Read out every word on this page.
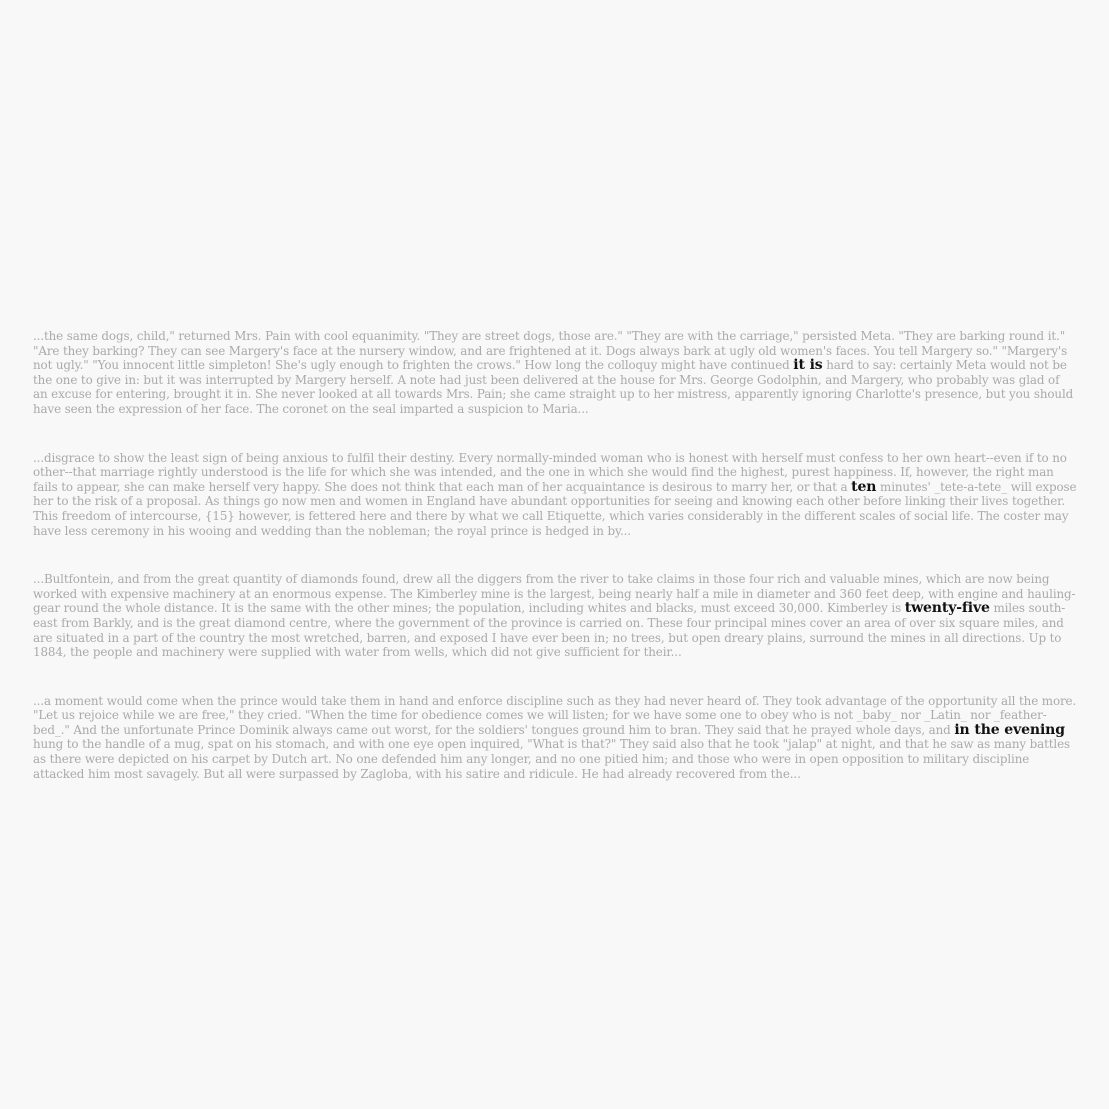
...the same dogs, child," returned Mrs. Pain with cool equanimity. "They are street dogs, those are." "They are with the carriage," persisted Meta. "They are barking round it." "Are they barking? They can see Margery's face at the nursery window, and are frightened at it. Dogs always bark at ugly old women's faces. You tell Margery so." "Margery's not ugly." "You innocent little simpleton! She's ugly enough to frighten the crows." How long the colloquy might have continued it is hard to say: certainly Meta would not be the one to give in: but it was interrupted by Margery herself. A note had just been delivered at the house for Mrs. George Godolphin, and Margery, who probably was glad of an excuse for entering, brought it in. She never looked at all towards Mrs. Pain; she came straight up to her mistress, apparently ignoring Charlotte's presence, but you should have seen the expression of her face. The coronet on the seal imparted a suspicion to Maria...

...disgrace to show the least sign of being anxious to fulfil their destiny. Every normally-minded woman who is honest with herself must confess to her own heart--even if to no other--that marriage rightly understood is the life for which she was intended, and the one in which she would find the highest, purest happiness. If, however, the right man fails to appear, she can make herself very happy. She does not think that each man of her acquaintance is desirous to marry her, or that a ten minutes' _tete-a-tete_ will expose her to the risk of a proposal. As things go now men and women in England have abundant opportunities for seeing and knowing each other before linking their lives together. This freedom of intercourse, {15} however, is fettered here and there by what we call Etiquette, which varies considerably in the different scales of social life. The coster may have less ceremony in his wooing and wedding than the nobleman; the royal prince is hedged in by...

...Bultfontein, and from the great quantity of diamonds found, drew all the diggers from the river to take claims in those four rich and valuable mines, which are now being worked with expensive machinery at an enormous expense. The Kimberley mine is the largest, being nearly half a mile in diameter and 360 feet deep, with engine and hauling-gear round the whole distance. It is the same with the other mines; the population, including whites and blacks, must exceed 30,000. Kimberley is twenty-five miles south-east from Barkly, and is the great diamond centre, where the government of the province is carried on. These four principal mines cover an area of over six square miles, and are situated in a part of the country the most wretched, barren, and exposed I have ever been in; no trees, but open dreary plains, surround the mines in all directions. Up to 1884, the people and machinery were supplied with water from wells, which did not give sufficient for their...

...a moment would come when the prince would take them in hand and enforce discipline such as they had never heard of. They took advantage of the opportunity all the more. "Let us rejoice while we are free," they cried. "When the time for obedience comes we will listen; for we have some one to obey who is not _baby_ nor _Latin_ nor _feather-bed_." And the unfortunate Prince Dominik always came out worst, for the soldiers' tongues ground him to bran. They said that he prayed whole days, and in the evening hung to the handle of a mug, spat on his stomach, and with one eye open inquired, "What is that?" They said also that he took "jalap" at night, and that he saw as many battles as there were depicted on his carpet by Dutch art. No one defended him any longer, and no one pitied him; and those who were in open opposition to military discipline attacked him most savagely. But all were surpassed by Zagloba, with his satire and ridicule. He had already recovered from the...
